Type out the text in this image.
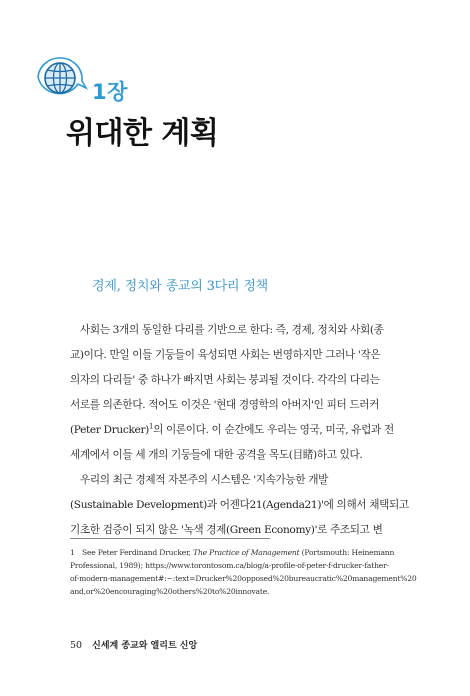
1장
위대한 계획
경제, 정치와 종교의 3다리 정책

사회는 3개의 동일한 다리를 기반으로 한다: 즉, 경제, 정치와 사회(종
교)이다. 만일 이들 기둥들이 육성되면 사회는 번영하지만 그러나 '작은
의자의 다리들' 중 하나가 빠지면 사회는 붕괴될 것이다. 각각의 다리는
서로를 의존한다. 적어도 이것은 '현대 경영학의 아버지'인 피터 드러커
(Peter Drucker)$^1$의 이론이다. 이 순간에도 우리는 영국, 미국, 유럽과 전
세계에서 이들 세 개의 기둥들에 대한 공격을 목도(目睹)하고 있다.

우리의 최근 경제적 자본주의 시스템은 '지속가능한 개발
(Sustainable Development)과 어젠다21(Agenda21)'에 의해서 채택되고
기초한 검증이 되지 않은 '녹색 경제(Green Economy)'로 주조되고 변

1 See Peter Ferdinand Drucker, The Practice of Management (Portsmouth: Heinemann
Professional, 1989); https://www.torontosom.ca/blog/a-profile-of-peter-f-drucker-father-
of-modern-management#:~:text=Drucker%20opposed%20bureaucratic%20management%20
and,or%20encouraging%20others%20to%20innovate.
50 신세계 종교와 엘리트 신앙
